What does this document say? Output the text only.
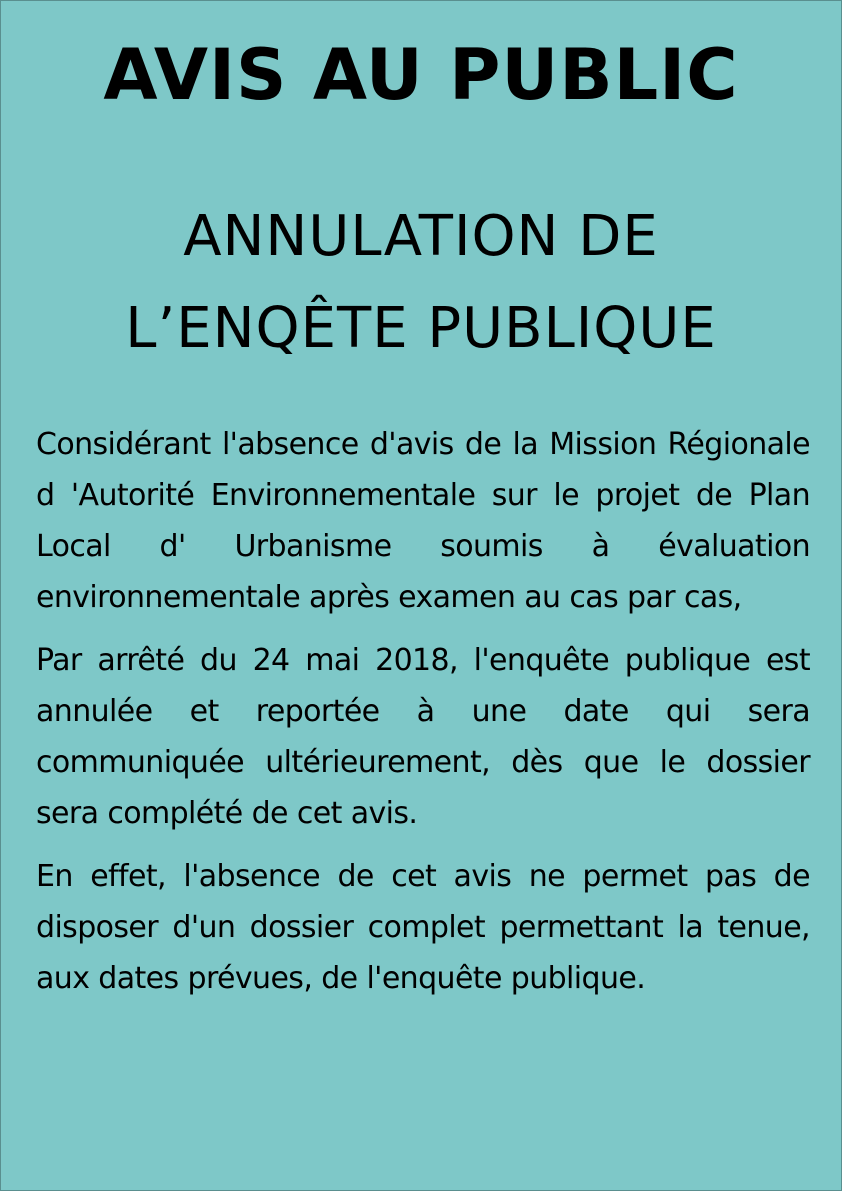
AVIS AU PUBLIC
ANNULATION DE
L’ENQÊTE PUBLIQUE

Considérant l'absence d'avis de la Mission Régionale d 'Autorité Environnementale sur le projet de Plan Local d' Urbanisme soumis à évaluation environnementale après examen au cas par cas,

Par arrêté du 24 mai 2018, l'enquête publique est annulée et reportée à une date qui sera communiquée ultérieurement, dès que le dossier sera complété de cet avis.

En effet, l'absence de cet avis ne permet pas de disposer d'un dossier complet permettant la tenue, aux dates prévues, de l'enquête publique.
